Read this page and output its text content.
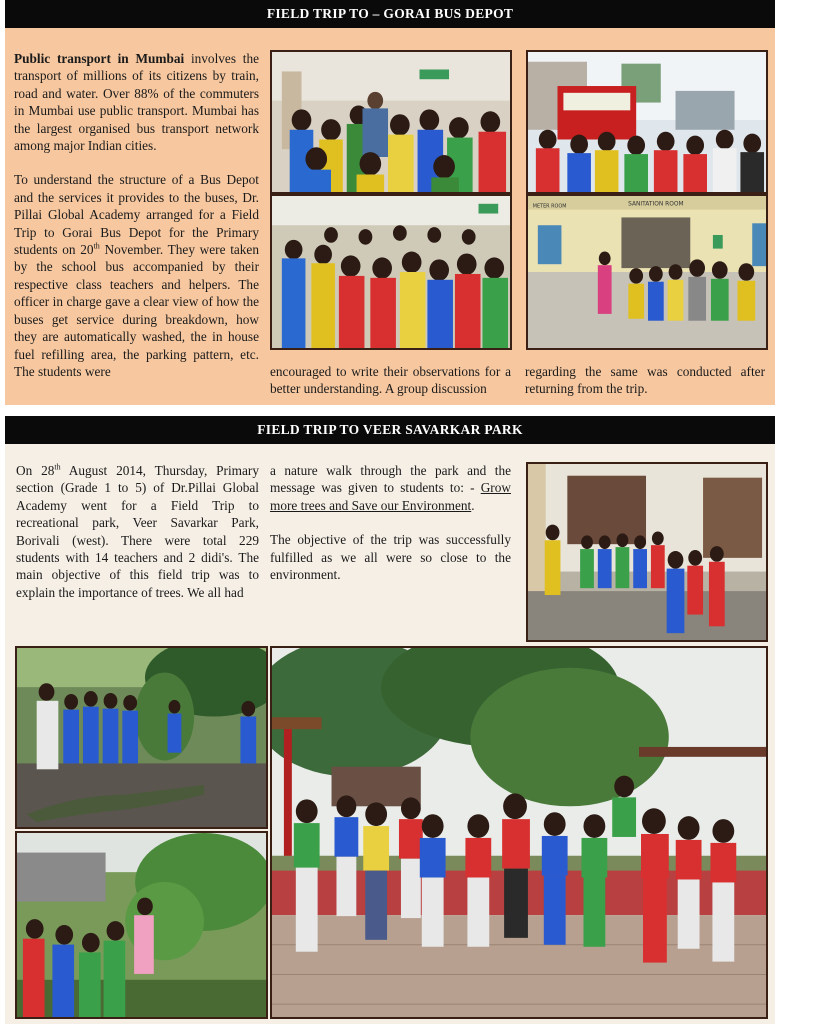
FIELD TRIP TO – GORAI BUS DEPOT

Public transport in Mumbai involves the transport of millions of its citizens by train, road and water. Over 88% of the commuters in Mumbai use public transport. Mumbai has the largest organised bus transport network among major Indian cities.

To understand the structure of a Bus Depot and the services it provides to the buses, Dr. Pillai Global Academy arranged for a Field Trip to Gorai Bus Depot for the Primary students on 20th November. They were taken by the school bus accompanied by their respective class teachers and helpers. The officer in charge gave a clear view of how the buses get service during breakdown, how they are automatically washed, the in house fuel refilling area, the parking pattern, etc. The students were	encouraged to write their observations for a better understanding. A group discussion
regarding the same was conducted after returning from the trip.
SANITATION ROOM
METER ROOM
FIELD TRIP TO VEER SAVARKAR PARK

On 28th August 2014, Thursday, Primary section (Grade 1 to 5) of Dr.Pillai Global Academy went for a Field Trip to recreational park, Veer Savarkar Park, Borivali (west). There were total 229 students with 14 teachers and 2 didi's. The main objective of this field trip was to explain the importance of trees. We all had

a nature walk through the park and the message was given to students to: - Grow more trees and Save our Environment.

The objective of the trip was successfully fulfilled as we all were so close to the environment.
